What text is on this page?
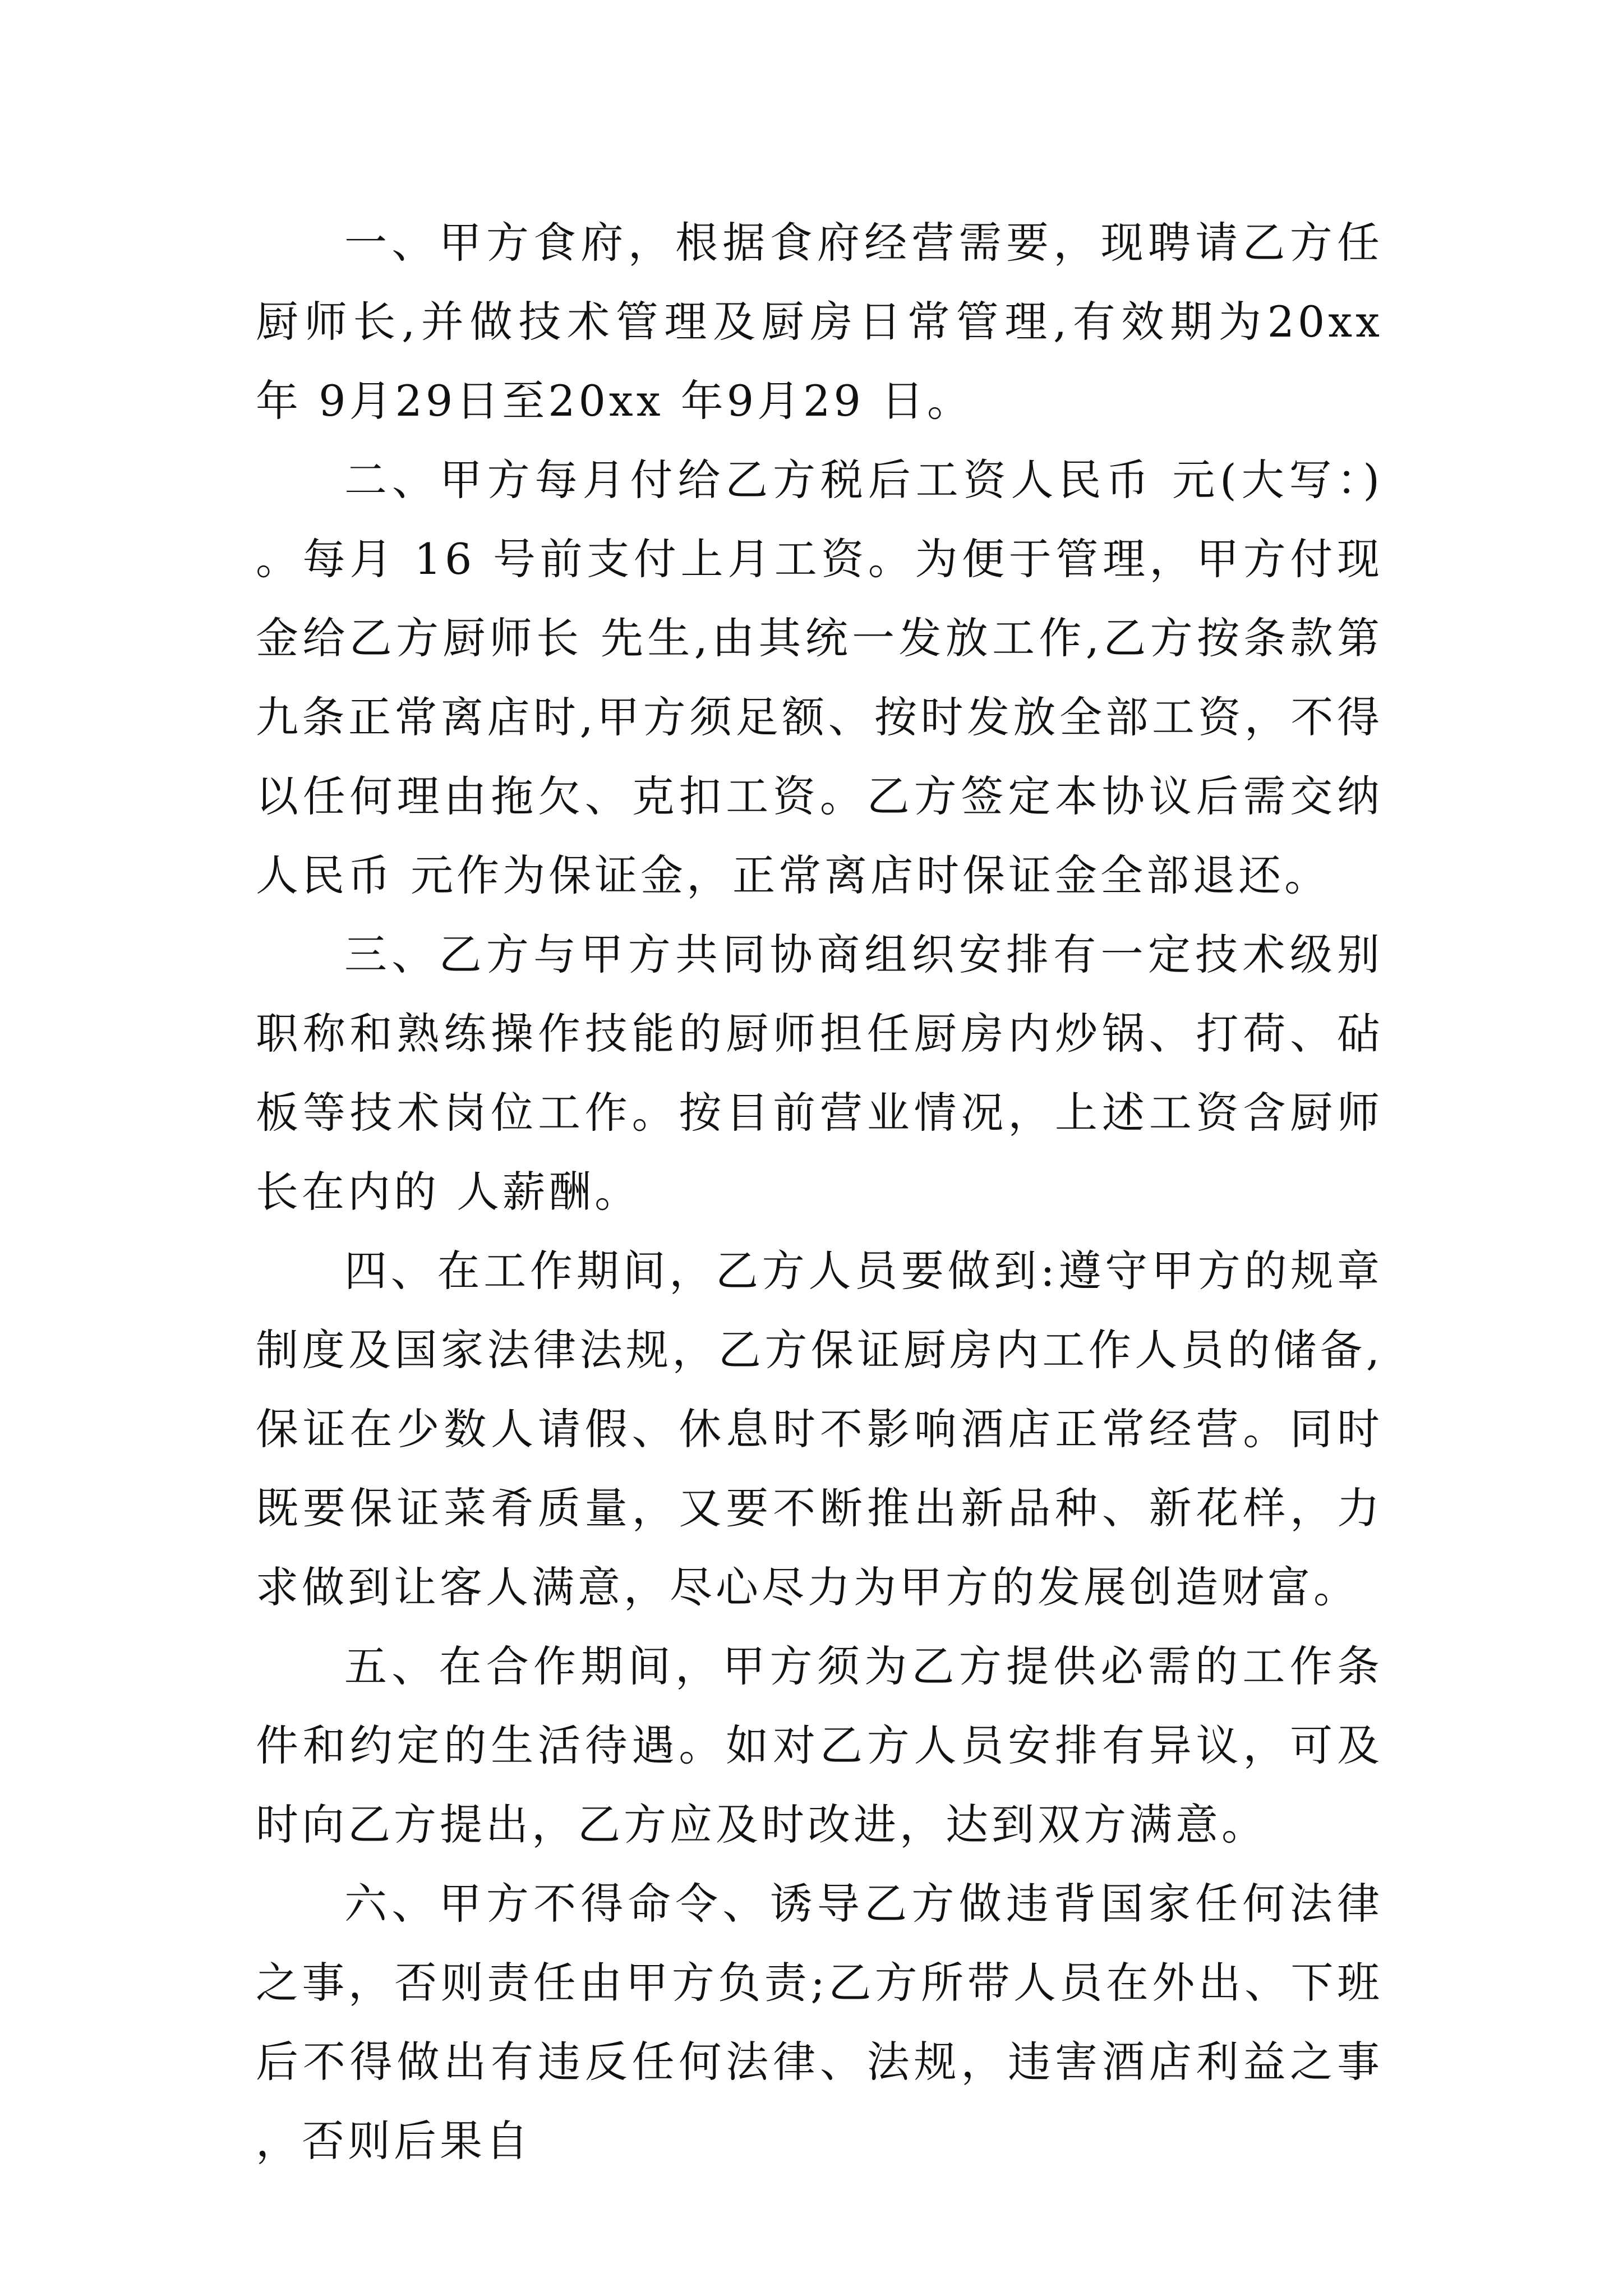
一、甲方食府，根据食府经营需要，现聘请乙方任厨师长,并做技术管理及厨房日常管理,有效期为20xx 年 9月29日至20xx 年9月29 日。

二、甲方每月付给乙方税后工资人民币 元(大写：) 。每月 16 号前支付上月工资。为便于管理，甲方付现金给乙方厨师长 先生,由其统一发放工作,乙方按条款第九条正常离店时,甲方须足额、按时发放全部工资，不得以任何理由拖欠、克扣工资。乙方签定本协议后需交纳人民币 元作为保证金，正常离店时保证金全部退还。

三、乙方与甲方共同协商组织安排有一定技术级别职称和熟练操作技能的厨师担任厨房内炒锅、打荷、砧板等技术岗位工作。按目前营业情况，上述工资含厨师长在内的 人薪酬。

四、在工作期间，乙方人员要做到:遵守甲方的规章制度及国家法律法规，乙方保证厨房内工作人员的储备,保证在少数人请假、休息时不影响酒店正常经营。同时既要保证菜肴质量，又要不断推出新品种、新花样，力求做到让客人满意，尽心尽力为甲方的发展创造财富。

五、在合作期间，甲方须为乙方提供必需的工作条件和约定的生活待遇。如对乙方人员安排有异议，可及时向乙方提出，乙方应及时改进，达到双方满意。

六、甲方不得命令、诱导乙方做违背国家任何法律之事，否则责任由甲方负责;乙方所带人员在外出、下班后不得做出有违反任何法律、法规，违害酒店利益之事，否则后果自
